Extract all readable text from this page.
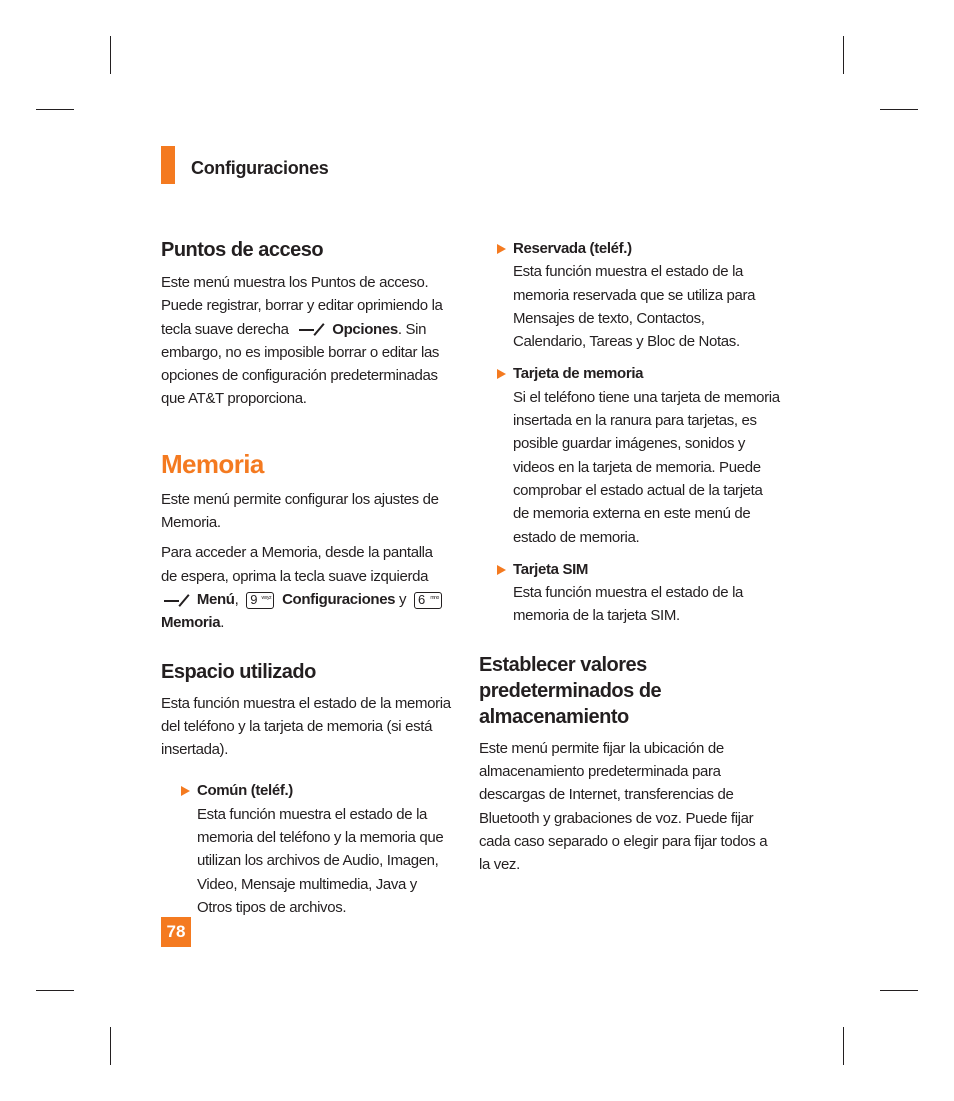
Configuraciones
Puntos de acceso

Este menú muestra los Puntos de acceso. Puede registrar, borrar y editar oprimiendo la tecla suave derecha	Opciones. Sin embargo, no es imposible borrar o editar las opciones de configuración predeterminadas que AT&T proporciona.

Memoria

Este menú permite configurar los ajustes de Memoria.

Para acceder a Memoria, desde la pantalla de espera, oprima la tecla suave izquierda
Menú, 9 wxyz Configuraciones y 6 mno

Memoria.

Espacio utilizado

Esta función muestra el estado de la memoria del teléfono y la tarjeta de memoria (si está insertada).

Común (teléf.)

Esta función muestra el estado de la memoria del teléfono y la memoria que utilizan los archivos de Audio, Imagen, Video, Mensaje multimedia, Java y Otros tipos de archivos.

Reservada (teléf.)

Esta función muestra el estado de la memoria reservada que se utiliza para Mensajes de texto, Contactos, Calendario, Tareas y Bloc de Notas.

Tarjeta de memoria

Si el teléfono tiene una tarjeta de memoria insertada en la ranura para tarjetas, es posible guardar imágenes, sonidos y videos en la tarjeta de memoria. Puede comprobar el estado actual de la tarjeta de memoria externa en este menú de estado de memoria.

Tarjeta SIM

Esta función muestra el estado de la memoria de la tarjeta SIM.

Establecer valores predeterminados de almacenamiento

Este menú permite fijar la ubicación de almacenamiento predeterminada para descargas de Internet, transferencias de Bluetooth y grabaciones de voz. Puede fijar cada caso separado o elegir para fijar todos a la vez.

78
